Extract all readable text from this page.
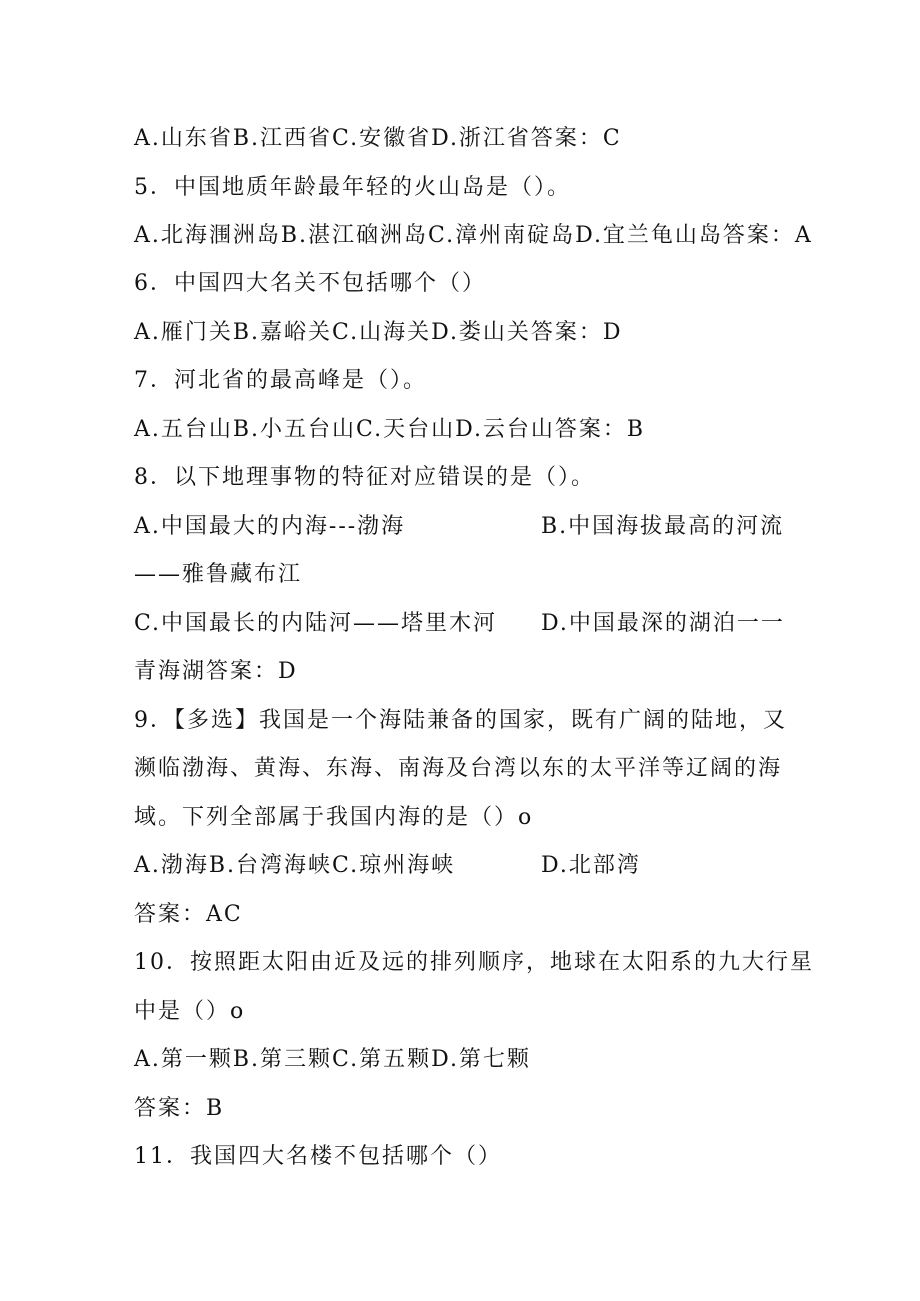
A.山东省B.江西省C.安徽省D.浙江省答案：C
5．中国地质年龄最年轻的火山岛是（）。
A.北海涠洲岛B.湛江硇洲岛C.漳州南碇岛D.宜兰龟山岛答案：A
6．中国四大名关不包括哪个（）
A.雁门关B.嘉峪关C.山海关D.娄山关答案：D
7．河北省的最高峰是（）。
A.五台山B.小五台山C.天台山D.云台山答案：B
8．以下地理事物的特征对应错误的是（）。
A.中国最大的内海---渤海	B.中国海拔最高的河流
——雅鲁藏布江
C.中国最长的内陆河——塔里木河 D.中国最深的湖泊一一
青海湖答案：D
9．【多选】我国是一个海陆兼备的国家，既有广阔的陆地，又
濒临渤海、黄海、东海、南海及台湾以东的太平洋等辽阔的海
域。下列全部属于我国内海的是（）o
A.渤海B.台湾海峡C.琼州海峡	D.北部湾
答案：AC
10．按照距太阳由近及远的排列顺序，地球在太阳系的九大行星
中是（）o
A.第一颗B.第三颗C.第五颗D.第七颗
答案：B
11．我国四大名楼不包括哪个（）
